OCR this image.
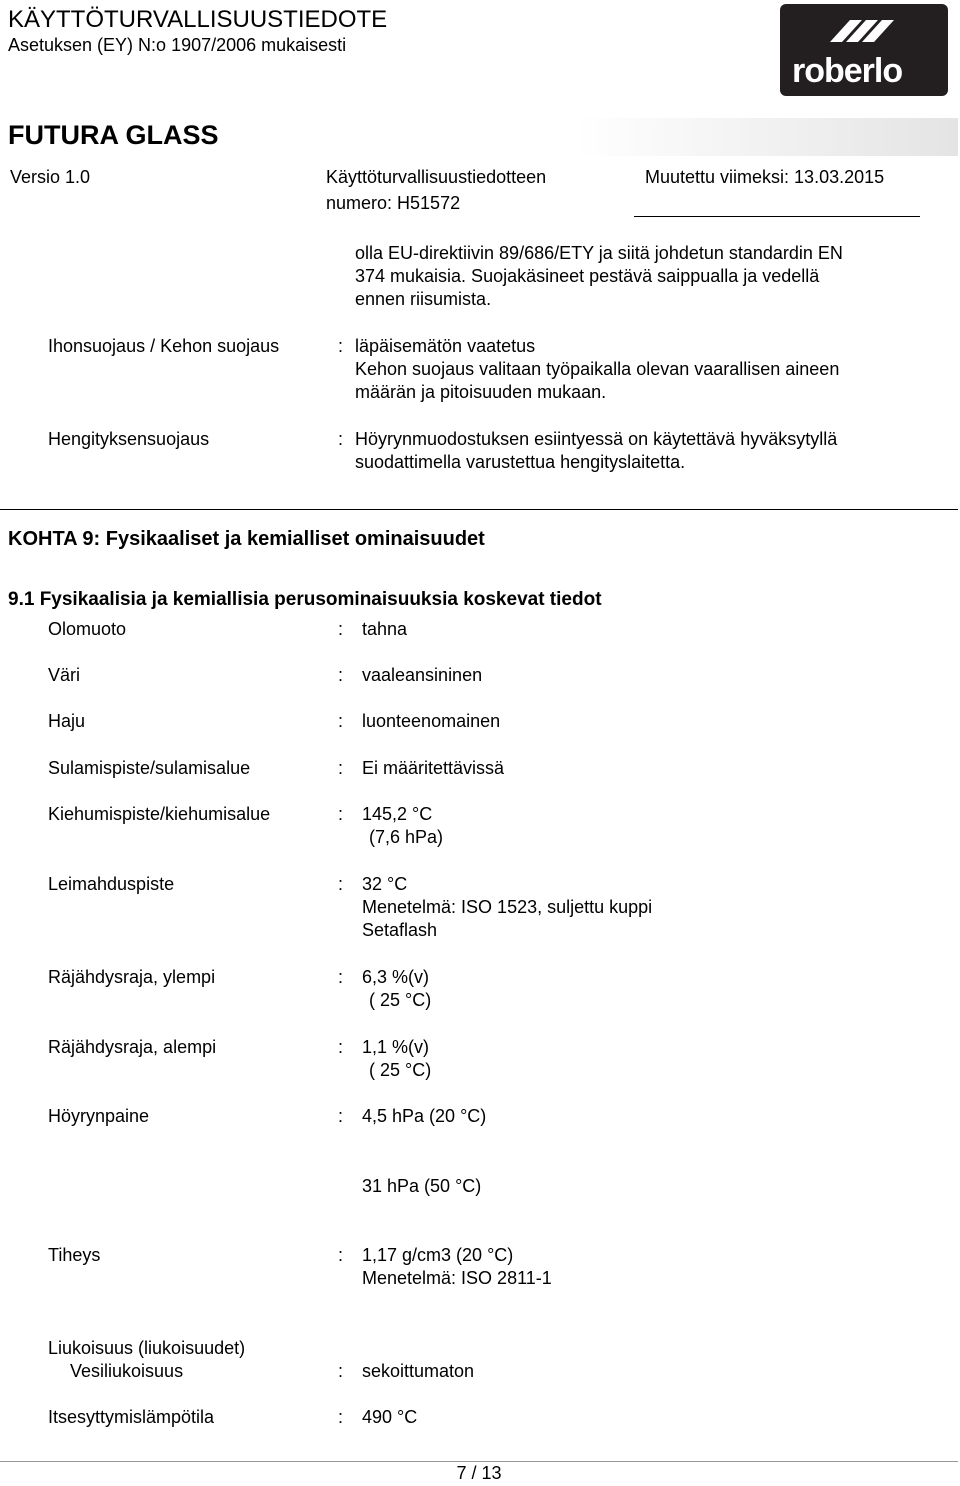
KÄYTTÖTURVALLISUUSTIEDOTE
Asetuksen (EY) N:o 1907/2006 mukaisesti
roberlo
FUTURA GLASS
Versio 1.0	Käyttöturvallisuustiedotteen
numero: H51572
Muutettu viimeksi: 13.03.2015
olla EU-direktiivin 89/686/ETY ja siitä johdetun standardin EN
374 mukaisia. Suojakäsineet pestävä saippualla ja vedellä
ennen riisumista.
Ihonsuojaus / Kehon suojaus	: läpäisemätön vaatetus
Kehon suojaus valitaan työpaikalla olevan vaarallisen aineen
määrän ja pitoisuuden mukaan.
Hengityksensuojaus	: Höyrynmuodostuksen esiintyessä on käytettävä hyväksytyllä
suodattimella varustettua hengityslaitetta.
KOHTA 9: Fysikaaliset ja kemialliset ominaisuudet
9.1 Fysikaalisia ja kemiallisia perusominaisuuksia koskevat tiedot
Olomuoto	: tahna
Väri	: vaaleansininen
Haju	: luonteenomainen
Sulamispiste/sulamisalue	: Ei määritettävissä
Kiehumispiste/kiehumisalue	: 145,2 °C
(7,6 hPa)
Leimahduspiste	: 32 °C
Menetelmä: ISO 1523, suljettu kuppi
Setaflash
Räjähdysraja, ylempi	: 6,3 %(v)
( 25 °C)
Räjähdysraja, alempi	: 1,1 %(v)
( 25 °C)
Höyrynpaine	: 4,5 hPa (20 °C)
31 hPa (50 °C)
Tiheys	: 1,17 g/cm3 (20 °C)
Menetelmä: ISO 2811-1
Liukoisuus (liukoisuudet)
Vesiliukoisuus	: sekoittumaton
Itsesyttymislämpötila	: 490 °C
7 / 13
